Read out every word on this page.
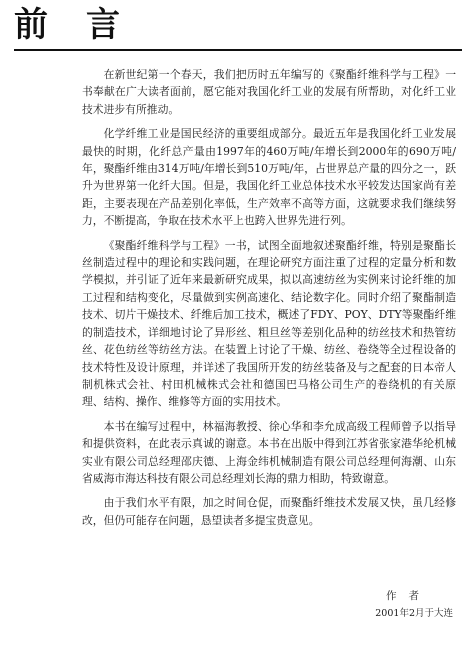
前 言

在新世纪第一个春天，我们把历时五年编写的《聚酯纤维科学与工程》一书奉献在广大读者面前，愿它能对我国化纤工业的发展有所帮助，对化纤工业技术进步有所推动。

化学纤维工业是国民经济的重要组成部分。最近五年是我国化纤工业发展最快的时期，化纤总产量由1997年的460万吨/年增长到2000年的690万吨/年，聚酯纤维由314万吨/年增长到510万吨/年，占世界总产量的四分之一，跃升为世界第一化纤大国。但是，我国化纤工业总体技术水平较发达国家尚有差距，主要表现在产品差别化率低，生产效率不高等方面，这就要求我们继续努力，不断提高，争取在技术水平上也跨入世界先进行列。

《聚酯纤维科学与工程》一书，试图全面地叙述聚酯纤维，特别是聚酯长丝制造过程中的理论和实践问题，在理论研究方面注重了过程的定量分析和数学模拟，并引证了近年来最新研究成果，拟以高速纺丝为实例来讨论纤维的加工过程和结构变化，尽量做到实例高速化、结论数字化。同时介绍了聚酯制造技术、切片干燥技术、纤维后加工技术，概述了FDY、POY、DTY等聚酯纤维的制造技术，详细地讨论了异形丝、粗旦丝等差别化品种的纺丝技术和热管纺丝、花色纺丝等纺丝方法。在装置上讨论了干燥、纺丝、卷绕等全过程设备的技术特性及设计原理，并详述了我国所开发的纺丝装备及与之配套的日本帝人制机株式会社、村田机械株式会社和德国巴马格公司生产的卷绕机的有关原理、结构、操作、维修等方面的实用技术。

本书在编写过程中，林福海教授、徐心华和李允成高级工程师曾予以指导和提供资料，在此表示真诚的谢意。本书在出版中得到江苏省张家港华纶机械实业有限公司总经理邵庆德、上海金纬机械制造有限公司总经理何海潮、山东省威海市海达科技有限公司总经理刘长海的鼎力相助，特致谢意。

由于我们水平有限，加之时间仓促，而聚酯纤维技术发展又快，虽几经修改，但仍可能存在问题，恳望读者多提宝贵意见。

作者
2001年2月于大连
